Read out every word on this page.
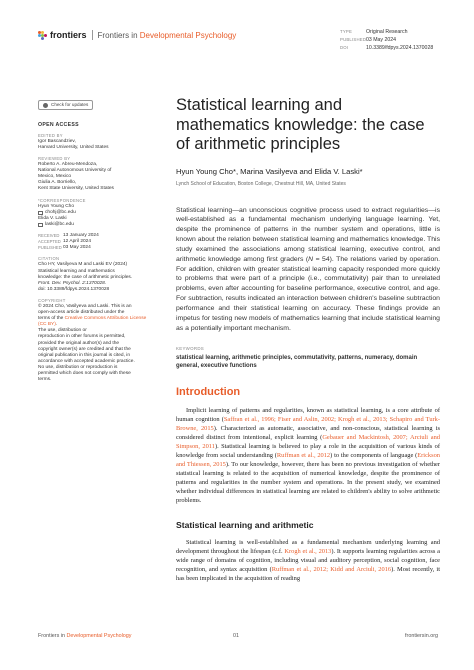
frontiers Frontiers in Developmental Psychology	TYPE	Original Research
PUBLISHED03 May 2024
DOI	10.3389/fdpys.2024.1370028
Check for updates
OPEN ACCESS
EDITED BY
Igor Bascandziev,
Harvard University, United States
REVIEWED BY
Roberto A. Abreu-Mendoza,
National Autonomous University of
Mexico, Mexico
Giulia A. Borriello,
Kent State University, United States
*CORRESPONDENCE
Hyun Young Cho
chohj@bc.edu
Elida V. Laski
laski@bc.edu
RECEIVED 13 January 2024
ACCEPTED 12 April 2024
PUBLISHED 03 May 2024
CITATION
Cho HY, Vasilyeva M and Laski EV (2024)
Statistical learning and mathematics
knowledge: the case of arithmetic principles.
Front. Dev. Psychol. 2:1370028.
doi: 10.3389/fdpys.2024.1370028
COPYRIGHT
© 2024 Cho, Vasilyeva and Laski. This is an
open-access article distributed under the
terms of the Creative Commons Attribution License (CC BY).
The use, distribution or
reproduction in other forums is permitted,
provided the original author(s) and the
copyright owner(s) are credited and that the
original publication in this journal is cited, in
accordance with accepted academic practice.
No use, distribution or reproduction is
permitted which does not comply with these
terms.
Statistical learning and mathematics knowledge: the case of arithmetic principles
Hyun Young Cho*, Marina Vasilyeva and Elida V. Laski*
Lynch School of Education, Boston College, Chestnut Hill, MA, United States

Statistical learning—an unconscious cognitive process used to extract regularities—is well-established as a fundamental mechanism underlying language learning. Yet, despite the prominence of patterns in the number system and operations, little is known about the relation between statistical learning and mathematics knowledge. This study examined the associations among statistical learning, executive control, and arithmetic knowledge among first graders (N = 54). The relations varied by operation. For addition, children with greater statistical learning capacity responded more quickly to problems that were part of a principle (i.e., commutativity) pair than to unrelated problems, even after accounting for baseline performance, executive control, and age. For subtraction, results indicated an interaction between children's baseline subtraction performance and their statistical learning on accuracy. These findings provide an impetus for testing new models of mathematics learning that include statistical learning as a potentially important mechanism.

KEYWORDS
statistical learning, arithmetic principles, commutativity, patterns, numeracy, domain general, executive functions
Introduction

Implicit learning of patterns and regularities, known as statistical learning, is a core attribute of human cognition (Saffran et al., 1996; Fiser and Aslin, 2002; Krogh et al., 2013; Schapiro and Turk-Browne, 2015). Characterized as automatic, associative, and non-conscious, statistical learning is considered distinct from intentional, explicit learning (Gebauer and Mackintosh, 2007; Arciuli and Simpson, 2011). Statistical learning is believed to play a role in the acquisition of various kinds of knowledge from social understanding (Ruffman et al., 2012) to the components of language (Erickson and Thiessen, 2015). To our knowledge, however, there has been no previous investigation of whether statistical learning is related to the acquisition of numerical knowledge, despite the prominence of patterns and regularities in the number system and operations. In the present study, we examined whether individual differences in statistical learning are related to children's ability to solve arithmetic problems.

Statistical learning and arithmetic

Statistical learning is well-established as a fundamental mechanism underlying learning and development throughout the lifespan (c.f. Krogh et al., 2013). It supports learning regularities across a wide range of domains of cognition, including visual and auditory perception, social cognition, face recognition, and syntax acquisition (Ruffman et al., 2012; Kidd and Arciuli, 2016). Most recently, it has been implicated in the acquisition of reading

Frontiers in Developmental Psychology	01	frontiersin.org
